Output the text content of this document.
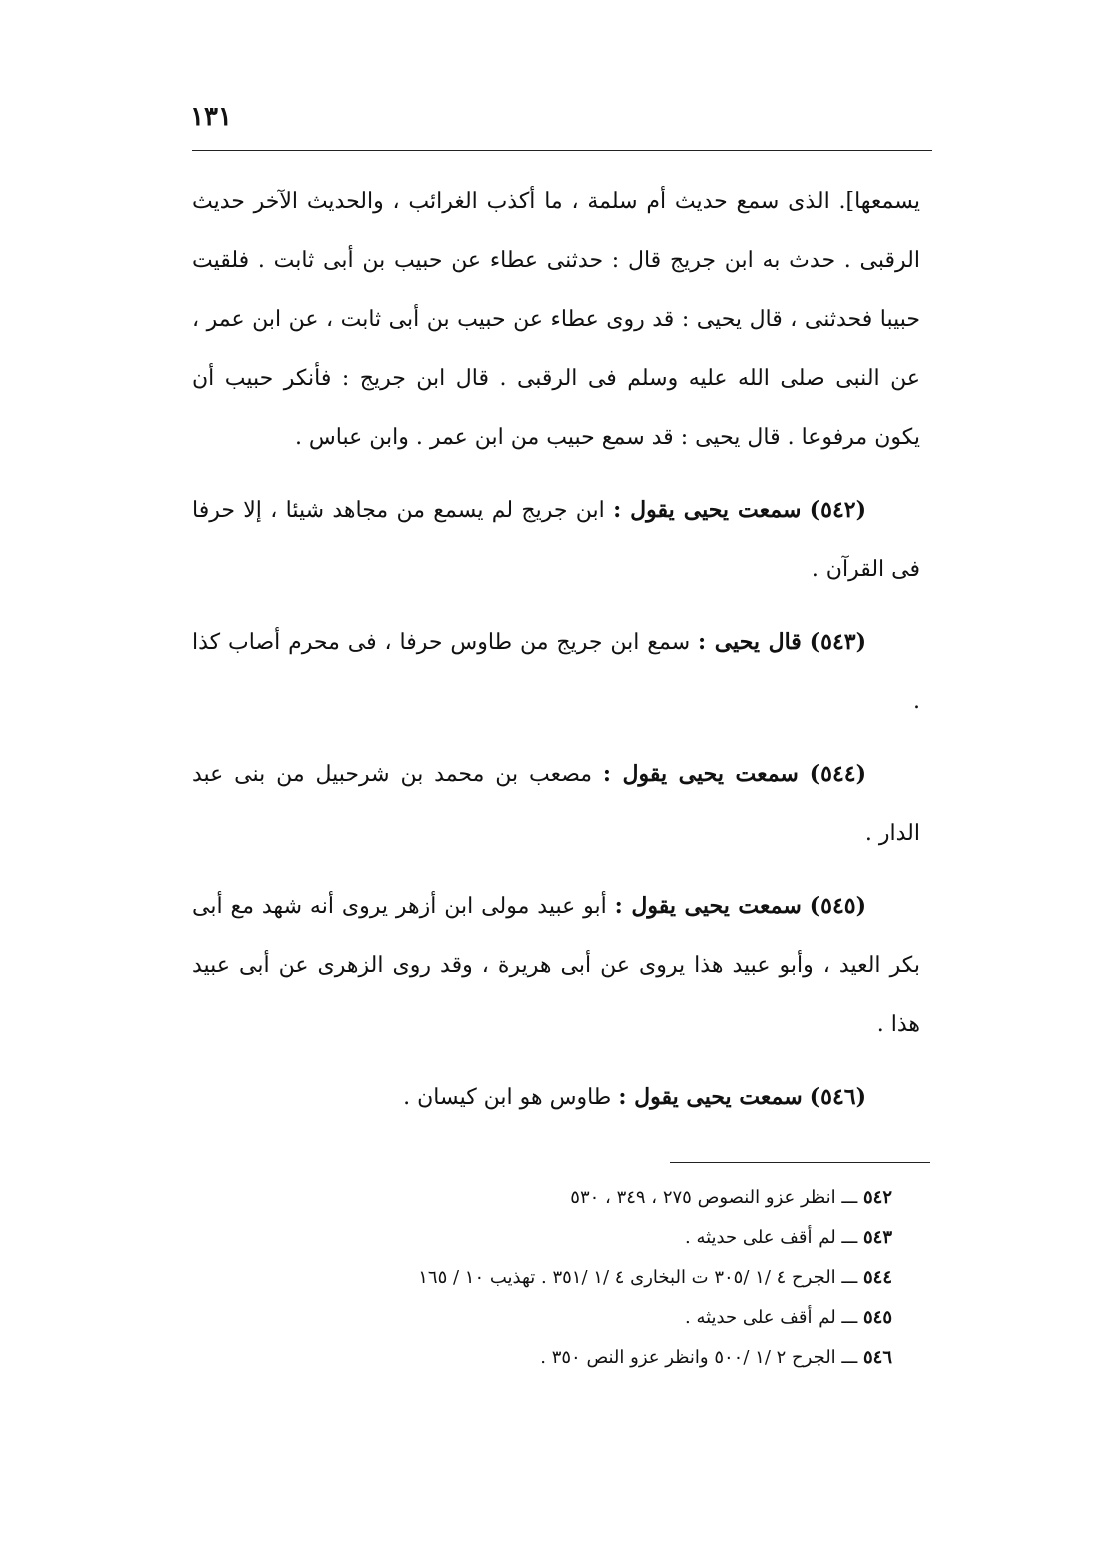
١٣١

يسمعها]. الذى سمع حديث أم سلمة ، ما أكذب الغرائب ، والحديث الآخر حديث الرقبى . حدث به ابن جريج قال : حدثنى عطاء عن حبيب بن أبى ثابت . فلقيت حبيبا فحدثنى ، قال يحيى : قد روى عطاء عن حبيب بن أبى ثابت ، عن ابن عمر ، عن النبى صلى الله عليه وسلم فى الرقبى . قال ابن جريج : فأنكر حبيب أن يكون مرفوعا . قال يحيى : قد سمع حبيب من ابن عمر . وابن عباس .

(٥٤٢) سمعت يحيى يقول : ابن جريج لم يسمع من مجاهد شيئا ، إلا حرفا فى القرآن .

(٥٤٣) قال يحيى : سمع ابن جريج من طاوس حرفا ، فى محرم أصاب كذا .

(٥٤٤) سمعت يحيى يقول : مصعب بن محمد بن شرحبيل من بنى عبد الدار .

(٥٤٥) سمعت يحيى يقول : أبو عبيد مولى ابن أزهر يروى أنه شهد مع أبى بكر العيد ، وأبو عبيد هذا يروى عن أبى هريرة ، وقد روى الزهرى عن أبى عبيد هذا .

(٥٤٦) سمعت يحيى يقول : طاوس هو ابن كيسان .

٥٤٢ ـــ انظر عزو النصوص ٢٧٥ ، ٣٤٩ ، ٥٣٠
٥٤٣ ـــ لم أقف على حديثه .
٥٤٤ ـــ الجرح ٤ /١ /٣٠٥ ت البخارى ٤ /١ /٣٥١ . تهذيب ١٠ / ١٦٥
٥٤٥ ـــ لم أقف على حديثه .
٥٤٦ ـــ الجرح ٢ /١ /٥٠٠ وانظر عزو النص ٣٥٠ .
